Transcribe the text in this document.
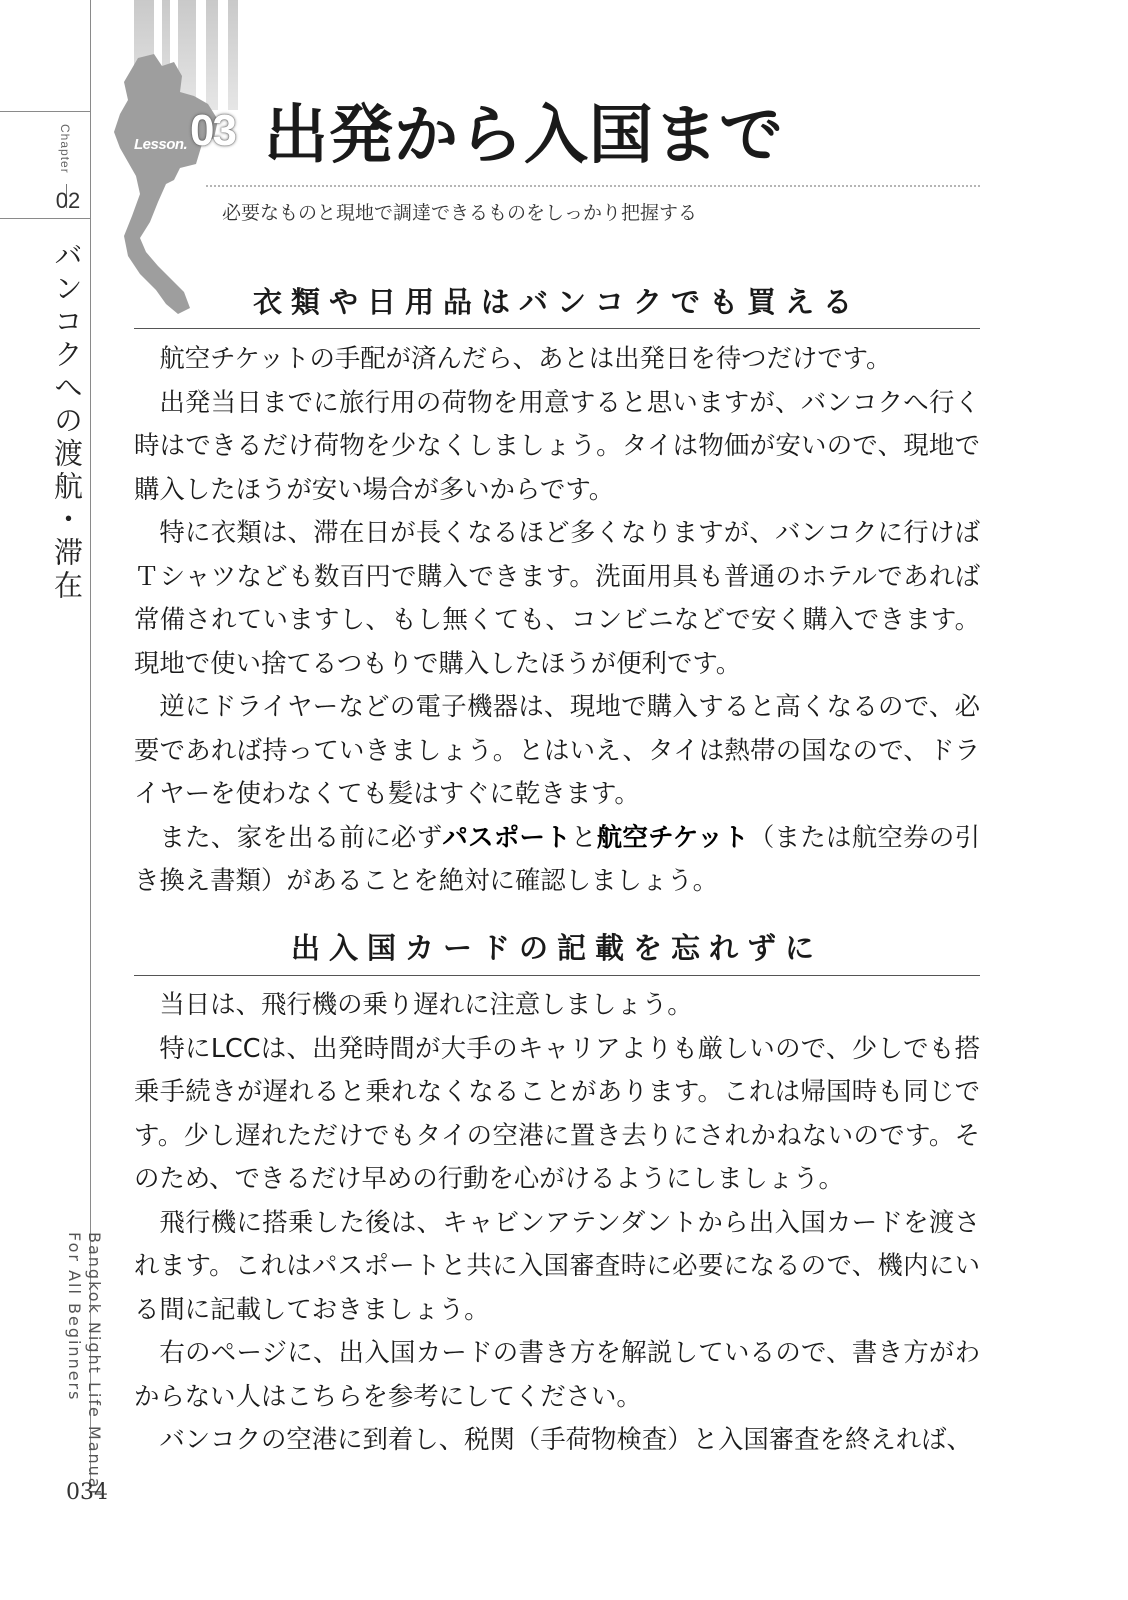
Chapter
02
バンコクへの渡航・滞在
Bangkok Night Life Manual
For All Beginners
034
Lesson. 03 出発から入国まで
必要なものと現地で調達できるものをしっかり把握する
衣類や日用品はバンコクでも買える

航空チケットの手配が済んだら、あとは出発日を待つだけです。

出発当日までに旅行用の荷物を用意すると思いますが、バンコクへ行く時はできるだけ荷物を少なくしましょう。タイは物価が安いので、現地で購入したほうが安い場合が多いからです。

特に衣類は、滞在日が長くなるほど多くなりますが、バンコクに行けばＴシャツなども数百円で購入できます。洗面用具も普通のホテルであれば常備されていますし、もし無くても、コンビニなどで安く購入できます。現地で使い捨てるつもりで購入したほうが便利です。

逆にドライヤーなどの電子機器は、現地で購入すると高くなるので、必要であれば持っていきましょう。とはいえ、タイは熱帯の国なので、ドライヤーを使わなくても髪はすぐに乾きます。

また、家を出る前に必ずパスポートと航空チケット（または航空券の引き換え書類）があることを絶対に確認しましょう。

出入国カードの記載を忘れずに

当日は、飛行機の乗り遅れに注意しましょう。

特にLCCは、出発時間が大手のキャリアよりも厳しいので、少しでも搭乗手続きが遅れると乗れなくなることがあります。これは帰国時も同じです。少し遅れただけでもタイの空港に置き去りにされかねないのです。そのため、できるだけ早めの行動を心がけるようにしましょう。

飛行機に搭乗した後は、キャビンアテンダントから出入国カードを渡されます。これはパスポートと共に入国審査時に必要になるので、機内にいる間に記載しておきましょう。

右のページに、出入国カードの書き方を解説しているので、書き方がわからない人はこちらを参考にしてください。

バンコクの空港に到着し、税関（手荷物検査）と入国審査を終えれば、
